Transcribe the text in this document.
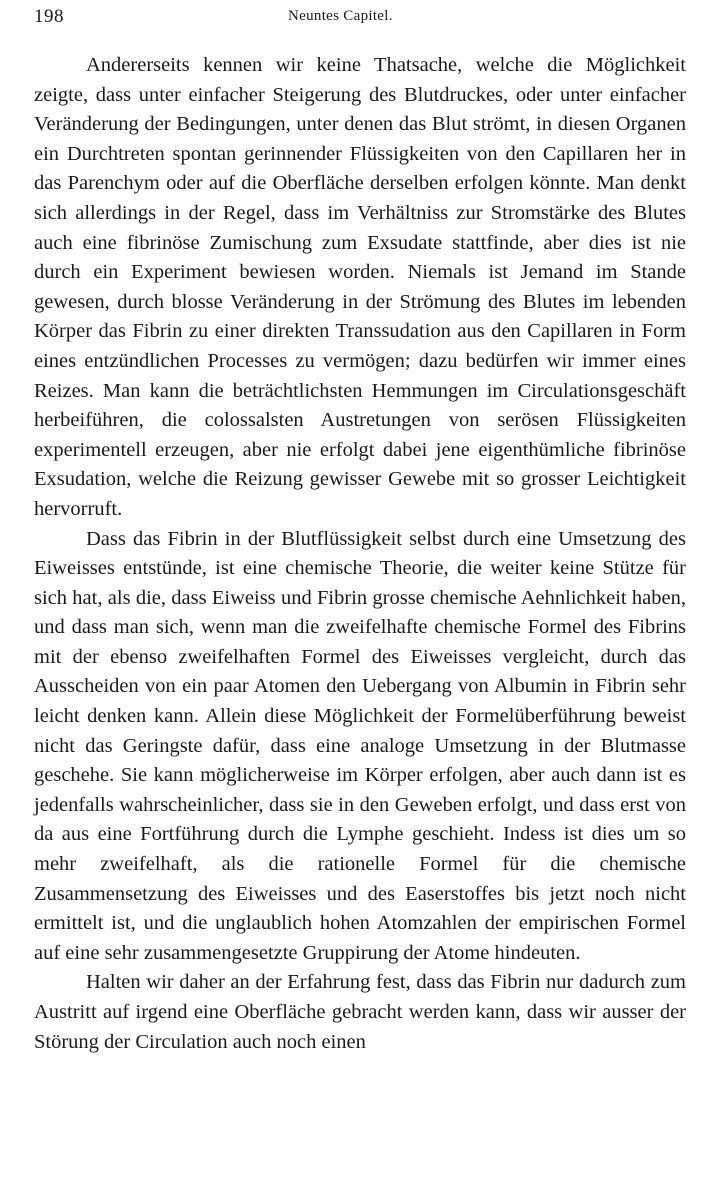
198	Neuntes Capitel.

Andererseits kennen wir keine Thatsache, welche die Möglichkeit zeigte, dass unter einfacher Steigerung des Blutdruckes, oder unter einfacher Veränderung der Bedingungen, unter denen das Blut strömt, in diesen Organen ein Durchtreten spontan gerinnender Flüssigkeiten von den Capillaren her in das Parenchym oder auf die Oberfläche derselben erfolgen könnte. Man denkt sich allerdings in der Regel, dass im Verhältniss zur Stromstärke des Blutes auch eine fibrinöse Zumischung zum Exsudate stattfinde, aber dies ist nie durch ein Experiment bewiesen worden. Niemals ist Jemand im Stande gewesen, durch blosse Veränderung in der Strömung des Blutes im lebenden Körper das Fibrin zu einer direkten Transsudation aus den Capillaren in Form eines entzündlichen Processes zu vermögen; dazu bedürfen wir immer eines Reizes. Man kann die beträchtlichsten Hemmungen im Circulationsgeschäft herbeiführen, die colossalsten Austretungen von serösen Flüssigkeiten experimentell erzeugen, aber nie erfolgt dabei jene eigenthümliche fibrinöse Exsudation, welche die Reizung gewisser Gewebe mit so grosser Leichtigkeit hervorruft.

Dass das Fibrin in der Blutflüssigkeit selbst durch eine Umsetzung des Eiweisses entstünde, ist eine chemische Theorie, die weiter keine Stütze für sich hat, als die, dass Eiweiss und Fibrin grosse chemische Aehnlichkeit haben, und dass man sich, wenn man die zweifelhafte chemische Formel des Fibrins mit der ebenso zweifelhaften Formel des Eiweisses vergleicht, durch das Ausscheiden von ein paar Atomen den Uebergang von Albumin in Fibrin sehr leicht denken kann. Allein diese Möglichkeit der Formelüberführung beweist nicht das Geringste dafür, dass eine analoge Umsetzung in der Blutmasse geschehe. Sie kann möglicherweise im Körper erfolgen, aber auch dann ist es jedenfalls wahrscheinlicher, dass sie in den Geweben erfolgt, und dass erst von da aus eine Fortführung durch die Lymphe geschieht. Indess ist dies um so mehr zweifelhaft, als die rationelle Formel für die chemische Zusammensetzung des Eiweisses und des Easerstoffes bis jetzt noch nicht ermittelt ist, und die unglaublich hohen Atomzahlen der empirischen Formel auf eine sehr zusammengesetzte Gruppirung der Atome hindeuten.

Halten wir daher an der Erfahrung fest, dass das Fibrin nur dadurch zum Austritt auf irgend eine Oberfläche gebracht werden kann, dass wir ausser der Störung der Circulation auch noch einen
